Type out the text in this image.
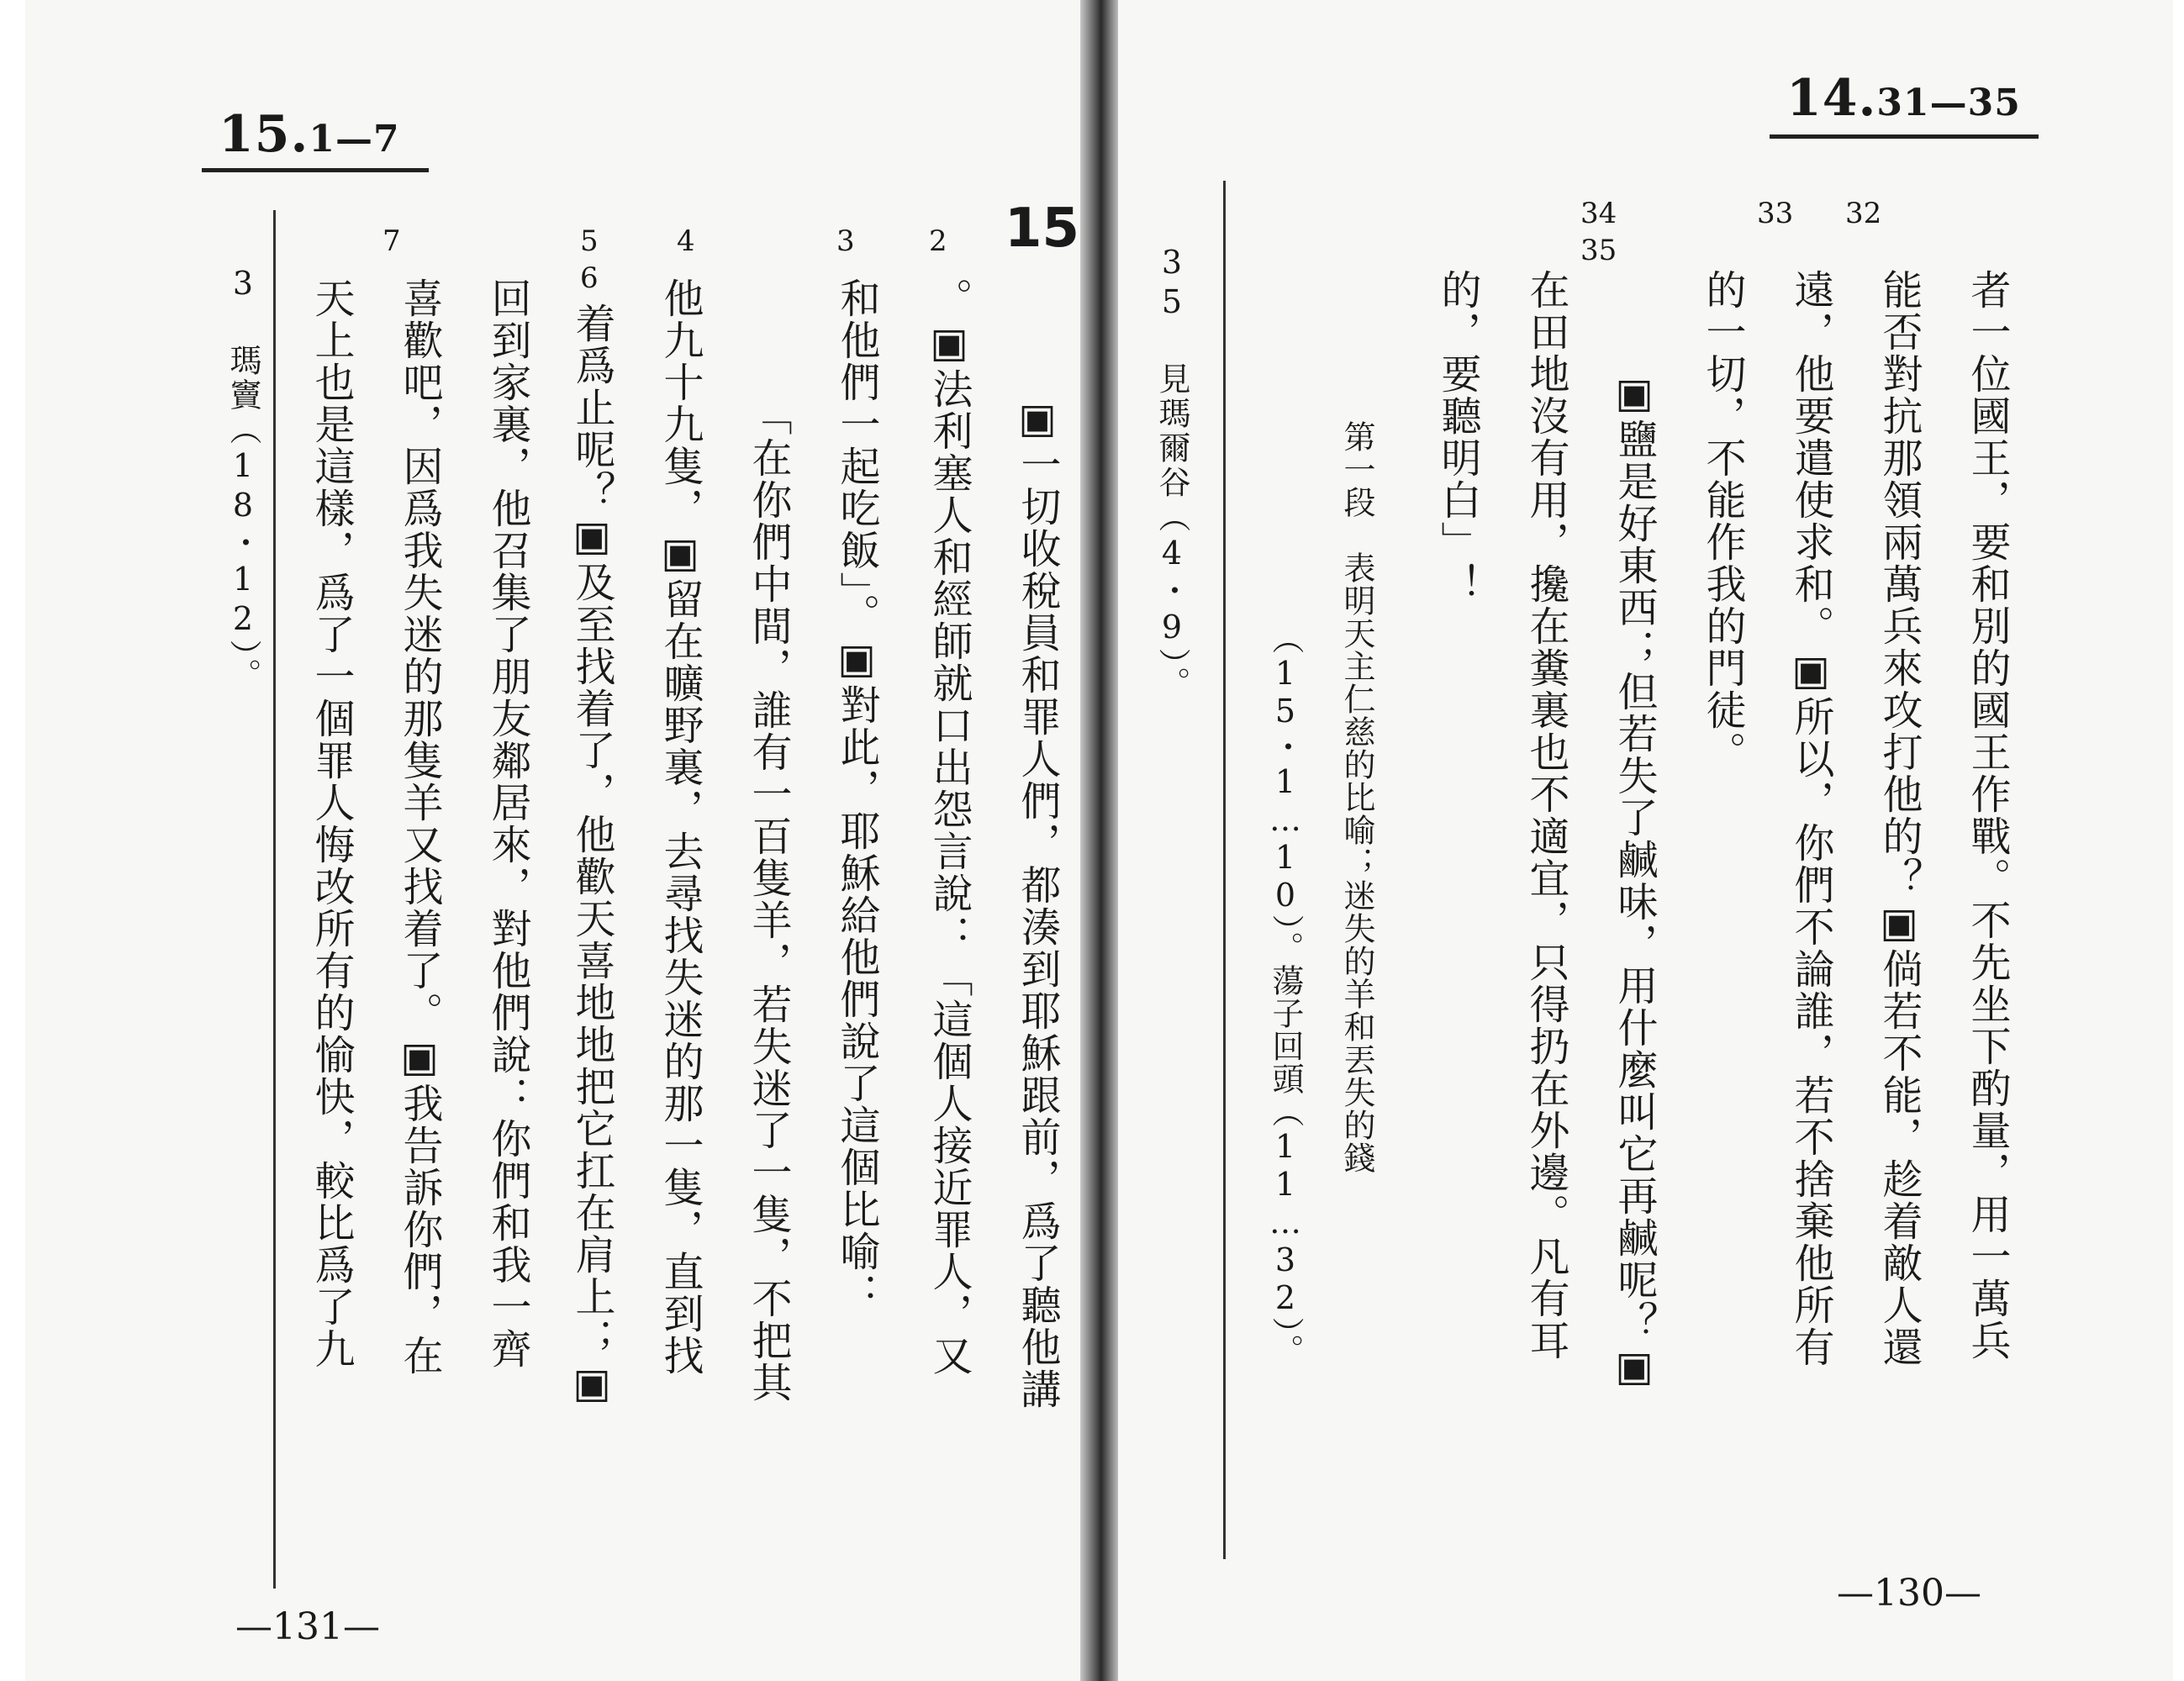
15.1—7
3 瑪竇（18・12）。
15
7	5
6
4	3	2
▣一切收稅員和罪人們，都湊到耶穌跟前，爲了聽他講
。▣法利塞人和經師就口出怨言說：「這個人接近罪人，又
和他們一起吃飯」。▣對此，耶穌給他們說了這個比喻：
「在你們中間，誰有一百隻羊，若失迷了一隻，不把其
他九十九隻，▣留在曠野裏，去尋找失迷的那一隻，直到找
着爲止呢？▣及至找着了，他歡天喜地地把它扛在肩上；▣
回到家裏，他召集了朋友鄰居來，對他們說：你們和我一齊
喜歡吧，因爲我失迷的那隻羊又找着了。▣我告訴你們，在
天上也是這樣，爲了一個罪人悔改所有的愉快，較比爲了九
—131—
14.31—35
35 見瑪爾谷（4・9）。
34
35
33 32
者一位國王，要和別的國王作戰。不先坐下酌量，用一萬兵
能否對抗那領兩萬兵來攻打他的？▣倘若不能，趁着敵人還
遠，他要遣使求和。▣所以，你們不論誰，若不捨棄他所有
的一切，不能作我的門徒。
▣鹽是好東西；但若失了鹹味，用什麼叫它再鹹呢？▣
在田地沒有用，攙在糞裏也不適宜，只得扔在外邊。凡有耳
的，要聽明白」！
第一段　表明天主仁慈的比喻；迷失的羊和丟失的錢
（15・1…10）。蕩子回頭（11…32）。
—130—
